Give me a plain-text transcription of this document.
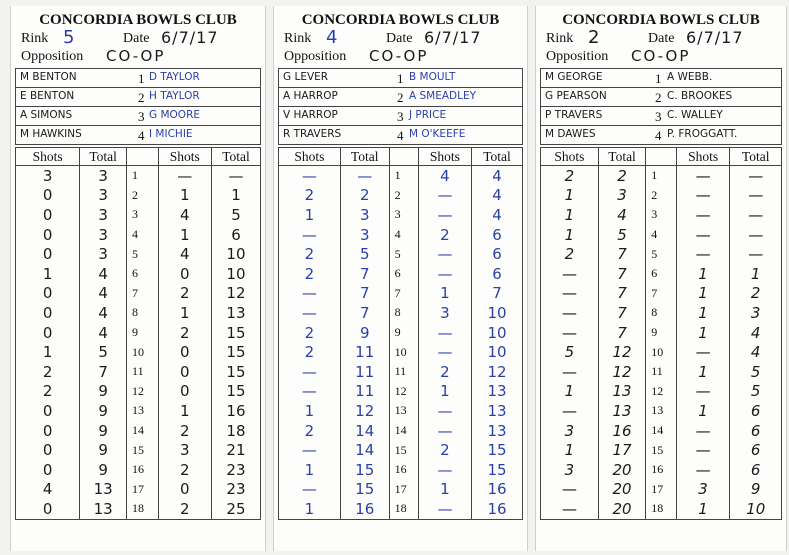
CONCORDIA BOWLS CLUB
Rink 5	Date 6/7/17
Opposition CO-OP
M BENTON	1 D TAYLOR
E BENTON	2 H TAYLOR
A SIMONS	3 G MOORE
M HAWKINS	4 I MICHIE
Shots	Total		Shots	Total
3	3	1	—	—
0	3	2	1	1
0	3	3	4	5
0	3	4	1	6
0	3	5	4	10
1	4	6	0	10
0	4	7	2	12
0	4	8	1	13
0	4	9	2	15
1	5	10	0	15
2	7	11	0	15
2	9	12	0	15
0	9	13	1	16
0	9	14	2	18
0	9	15	3	21
0	9	16	2	23
4	13	17	0	23
0	13	18	2	25
CONCORDIA BOWLS CLUB
Rink 4	Date 6/7/17
Opposition CO-OP
G LEVER	1 B MOULT
A HARROP	2 A SMEADLEY
V HARROP	3 J PRICE
R TRAVERS	4 M O'KEEFE
Shots	Total		Shots	Total
—	—	1	4	4
2	2	2	—	4
1	3	3	—	4
—	3	4	2	6
2	5	5	—	6
2	7	6	—	6
—	7	7	1	7
—	7	8	3	10
2	9	9	—	10
2	11	10	—	10
—	11	11	2	12
—	11	12	1	13
1	12	13	—	13
2	14	14	—	13
—	14	15	2	15
1	15	16	—	15
—	15	17	1	16
1	16	18	—	16
CONCORDIA BOWLS CLUB
Rink 2	Date 6/7/17
Opposition CO-OP
M GEORGE	1 A WEBB.
G PEARSON	2 C. BROOKES
P TRAVERS	3 C. WALLEY
M DAWES	4 P. FROGGATT.
Shots	Total		Shots	Total
2	2	1	—	—
1	3	2	—	—
1	4	3	—	—
1	5	4	—	—
2	7	5	—	—
—	7	6	1	1
—	7	7	1	2
—	7	8	1	3
—	7	9	1	4
5	12	10	—	4
—	12	11	1	5
1	13	12	—	5
—	13	13	1	6
3	16	14	—	6
1	17	15	—	6
3	20	16	—	6
—	20	17	3	9
—	20	18	1	10
